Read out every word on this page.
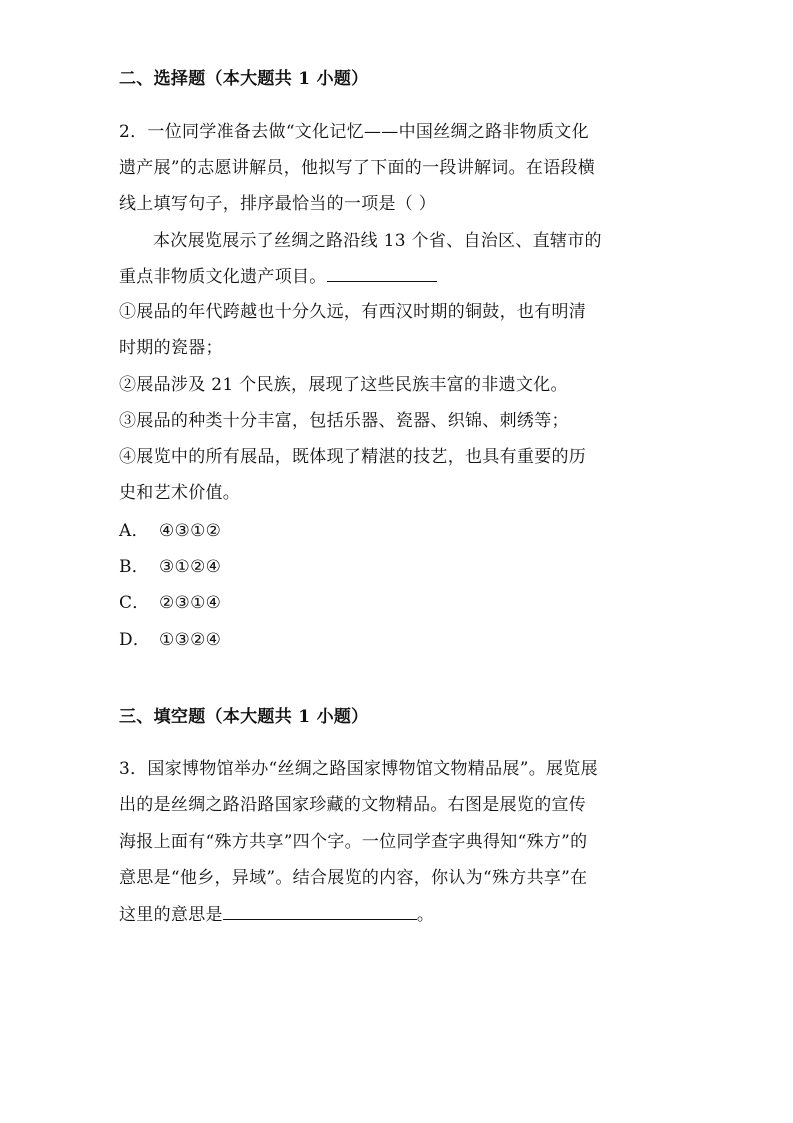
二、选择题（本大题共 1 小题）
2．一位同学准备去做“文化记忆——中国丝绸之路非物质文化
遗产展”的志愿讲解员，他拟写了下面的一段讲解词。在语段横
线上填写句子，排序最恰当的一项是（ ）
本次展览展示了丝绸之路沿线 13 个省、自治区、直辖市的
重点非物质文化遗产项目。
①展品的年代跨越也十分久远，有西汉时期的铜鼓，也有明清
时期的瓷器；
②展品涉及 21 个民族，展现了这些民族丰富的非遗文化。
③展品的种类十分丰富，包括乐器、瓷器、织锦、刺绣等；
④展览中的所有展品，既体现了精湛的技艺，也具有重要的历
史和艺术价值。
A． ④③①②
B． ③①②④
C． ②③①④
D． ①③②④
三、填空题（本大题共 1 小题）
3．国家博物馆举办“丝绸之路国家博物馆文物精品展”。展览展
出的是丝绸之路沿路国家珍藏的文物精品。右图是展览的宣传
海报上面有“殊方共享”四个字。一位同学查字典得知“殊方”的
意思是“他乡，异域”。结合展览的内容，你认为“殊方共享”在
这里的意思是	。
